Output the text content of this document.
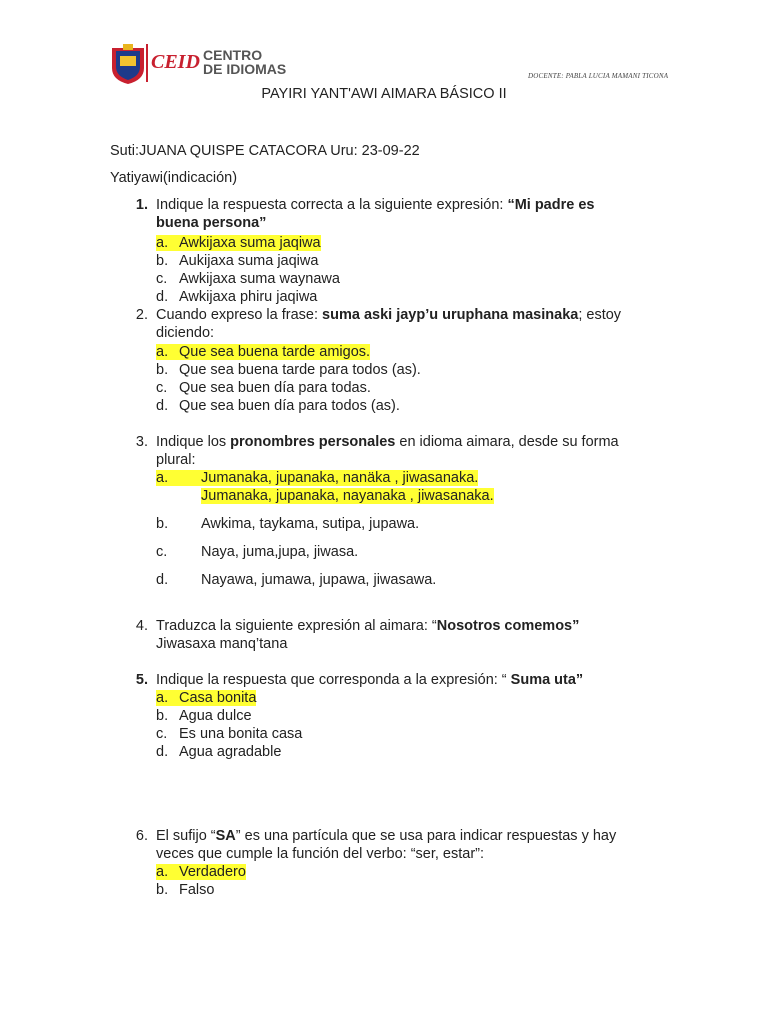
CEID CENTRO
DE IDIOMAS	DOCENTE: PABLA LUCIA MAMANI TICONA
PAYIRI YANT'AWI AIMARA BÁSICO II
Suti:JUANA QUISPE CATACORA Uru: 23-09-22
Yatiyawi(indicación)
1. Indique la respuesta correcta a la siguiente expresión: “Mi padre es
buena persona”
a. Awkijaxa suma jaqiwa
b. Aukijaxa suma jaqiwa
c. Awkijaxa suma waynawa
d. Awkijaxa phiru jaqiwa
2. Cuando expreso la frase: suma aski jayp’u uruphana masinaka; estoy
diciendo:
a. Que sea buena tarde amigos.
b. Que sea buena tarde para todos (as).
c. Que sea buen día para todas.
d. Que sea buen día para todos (as).
3. Indique los pronombres personales en idioma aimara, desde su forma
plural:
a. Jumanaka, jupanaka, nanäka , jiwasanaka.
Jumanaka, jupanaka, nayanaka , jiwasanaka.
b. Awkima, taykama, sutipa, jupawa.
c. Naya, juma,jupa, jiwasa.
d. Nayawa, jumawa, jupawa, jiwasawa.
4. Traduzca la siguiente expresión al aimara: “Nosotros comemos”
Jiwasaxa manq’tana
5. Indique la respuesta que corresponda a la expresión: “ Suma uta”
a. Casa bonita
b. Agua dulce
c. Es una bonita casa
d. Agua agradable
6. El sufijo “SA” es una partícula que se usa para indicar respuestas y hay
veces que cumple la función del verbo: “ser, estar”:
a. Verdadero
b. Falso
